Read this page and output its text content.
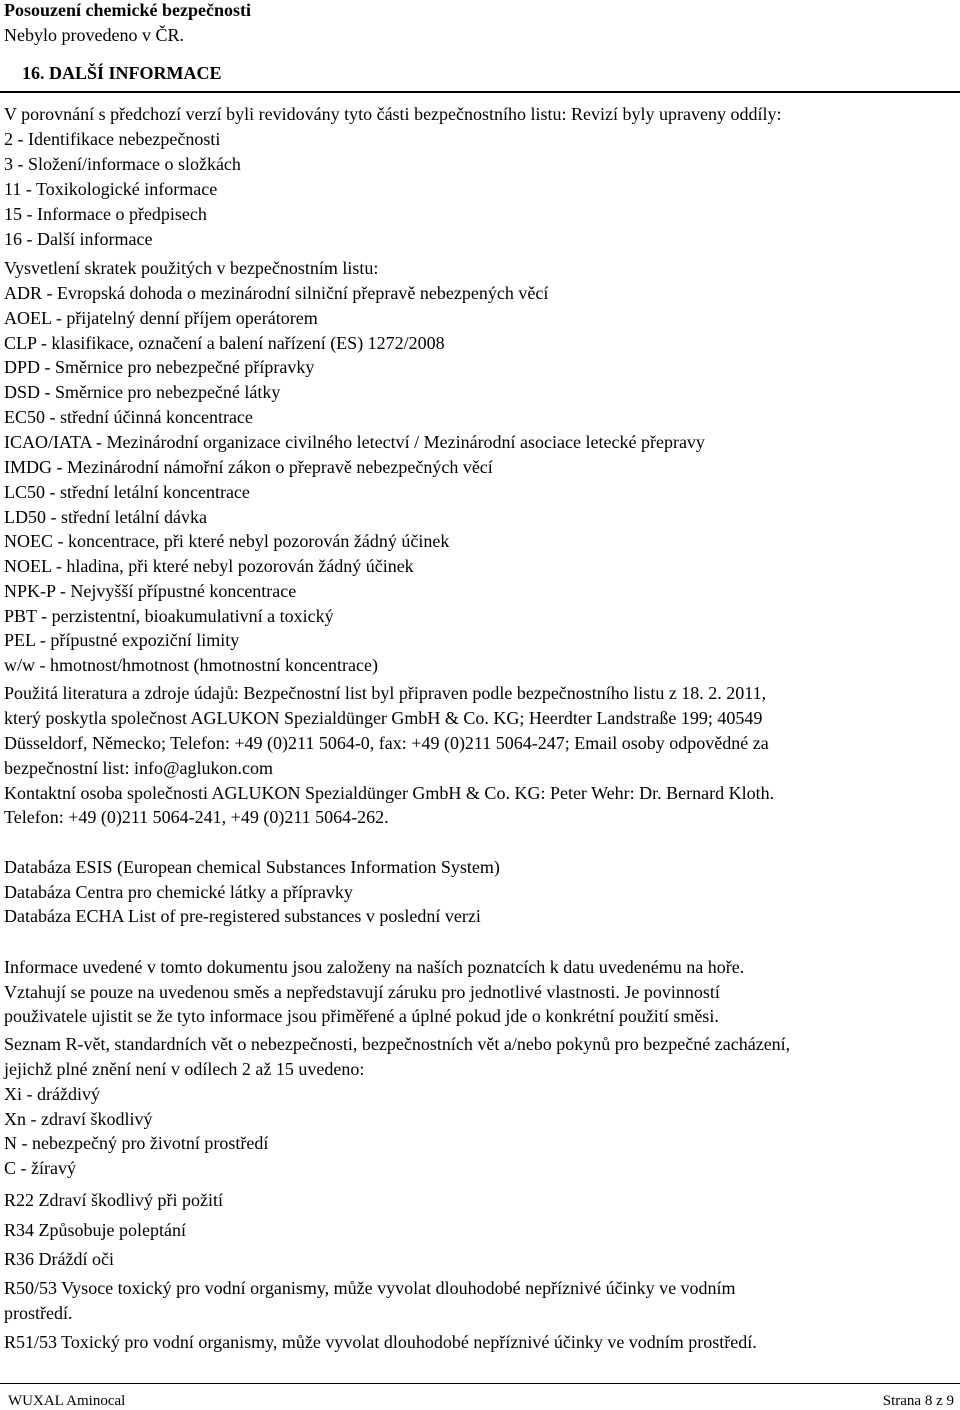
Posouzení chemické bezpečnosti
Nebylo provedeno v ČR.
16. DALŠÍ INFORMACE
V porovnání s předchozí verzí byli revidovány tyto části bezpečnostního listu: Revizí byly upraveny oddíly:
2 - Identifikace nebezpečnosti
3 - Složení/informace o složkách
11 - Toxikologické informace
15 - Informace o předpisech
16 - Další informace
Vysvetlení skratek použitých v bezpečnostním listu:
ADR - Evropská dohoda o mezinárodní silniční přepravě nebezpených věcí
AOEL - přijatelný denní příjem operátorem
CLP - klasifikace, označení a balení nařízení (ES) 1272/2008
DPD - Směrnice pro nebezpečné přípravky
DSD - Směrnice pro nebezpečné látky
EC50 - střední účinná koncentrace
ICAO/IATA - Mezinárodní organizace civilného letectví / Mezinárodní asociace letecké přepravy
IMDG - Mezinárodní námořní zákon o přepravě nebezpečných věcí
LC50 - střední letální koncentrace
LD50 - střední letální dávka
NOEC - koncentrace, při které nebyl pozorován žádný účinek
NOEL - hladina, při které nebyl pozorován žádný účinek
NPK-P - Nejvyšší přípustné koncentrace
PBT - perzistentní, bioakumulativní a toxický
PEL - přípustné expoziční limity
w/w - hmotnost/hmotnost (hmotnostní koncentrace)
Použitá literatura a zdroje údajů: Bezpečnostní list byl připraven podle bezpečnostního listu z 18. 2. 2011,
který poskytla společnost AGLUKON Spezialdünger GmbH & Co. KG; Heerdter Landstraße 199; 40549
Düsseldorf, Německo; Telefon: +49 (0)211 5064-0, fax: +49 (0)211 5064-247; Email osoby odpovědné za
bezpečnostní list: info@aglukon.com
Kontaktní osoba společnosti AGLUKON Spezialdünger GmbH & Co. KG: Peter Wehr: Dr. Bernard Kloth.
Telefon: +49 (0)211 5064-241, +49 (0)211 5064-262.
Databáza ESIS (European chemical Substances Information System)
Databáza Centra pro chemické látky a přípravky
Databáza ECHA List of pre-registered substances v poslední verzi
Informace uvedené v tomto dokumentu jsou založeny na naších poznatcích k datu uvedenému na hoře.
Vztahují se pouze na uvedenou směs a nepředstavují záruku pro jednotlivé vlastnosti. Je povinností
použivatele ujistit se že tyto informace jsou přiměřené a úplné pokud jde o konkrétní použití směsi.
Seznam R-vět, standardních vět o nebezpečnosti, bezpečnostních vět a/nebo pokynů pro bezpečné zacházení,
jejichž plné znění není v odílech 2 až 15 uvedeno:
Xi - dráždivý
Xn - zdraví škodlivý
N - nebezpečný pro životní prostředí
C - žíravý
R22 Zdraví škodlivý při požití
R34 Způsobuje poleptání
R36 Dráždí oči
R50/53 Vysoce toxický pro vodní organismy, může vyvolat dlouhodobé nepříznivé účinky ve vodním
prostředí.
R51/53 Toxický pro vodní organismy, může vyvolat dlouhodobé nepříznivé účinky ve vodním prostředí.
WUXAL Aminocal	Strana 8 z 9
